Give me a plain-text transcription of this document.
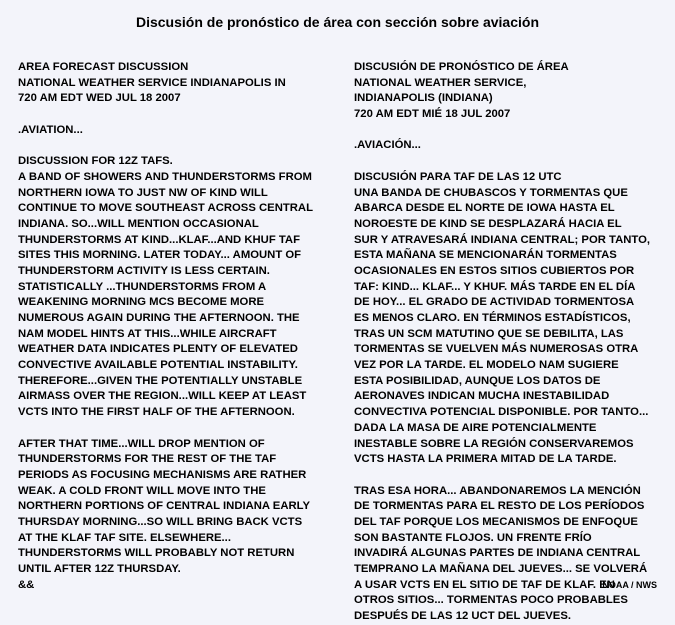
Discusión de pronóstico de área con sección sobre aviación
AREA FORECAST DISCUSSION
NATIONAL WEATHER SERVICE INDIANAPOLIS IN
720 AM EDT WED JUL 18 2007
.AVIATION...
DISCUSSION FOR 12Z TAFS.
A BAND OF SHOWERS AND THUNDERSTORMS FROM
NORTHERN IOWA TO JUST NW OF KIND WILL
CONTINUE TO MOVE SOUTHEAST ACROSS CENTRAL
INDIANA. SO...WILL MENTION OCCASIONAL
THUNDERSTORMS AT KIND...KLAF...AND KHUF TAF
SITES THIS MORNING. LATER TODAY... AMOUNT OF
THUNDERSTORM ACTIVITY IS LESS CERTAIN.
STATISTICALLY ...THUNDERSTORMS FROM A
WEAKENING MORNING MCS BECOME MORE
NUMEROUS AGAIN DURING THE AFTERNOON. THE
NAM MODEL HINTS AT THIS...WHILE AIRCRAFT
WEATHER DATA INDICATES PLENTY OF ELEVATED
CONVECTIVE AVAILABLE POTENTIAL INSTABILITY.
THEREFORE...GIVEN THE POTENTIALLY UNSTABLE
AIRMASS OVER THE REGION...WILL KEEP AT LEAST
VCTS INTO THE FIRST HALF OF THE AFTERNOON.
AFTER THAT TIME...WILL DROP MENTION OF
THUNDERSTORMS FOR THE REST OF THE TAF
PERIODS AS FOCUSING MECHANISMS ARE RATHER
WEAK. A COLD FRONT WILL MOVE INTO THE
NORTHERN PORTIONS OF CENTRAL INDIANA EARLY
THURSDAY MORNING...SO WILL BRING BACK VCTS
AT THE KLAF TAF SITE. ELSEWHERE...
THUNDERSTORMS WILL PROBABLY NOT RETURN
UNTIL AFTER 12Z THURSDAY.
&&
DISCUSIÓN DE PRONÓSTICO DE ÁREA
NATIONAL WEATHER SERVICE,
INDIANAPOLIS (INDIANA)
720 AM EDT MIÉ 18 JUL 2007
.AVIACIÓN...
DISCUSIÓN PARA TAF DE LAS 12 UTC
UNA BANDA DE CHUBASCOS Y TORMENTAS QUE
ABARCA DESDE EL NORTE DE IOWA HASTA EL
NOROESTE DE KIND SE DESPLAZARÁ HACIA EL
SUR Y ATRAVESARÁ INDIANA CENTRAL; POR TANTO,
ESTA MAÑANA SE MENCIONARÁN TORMENTAS
OCASIONALES EN ESTOS SITIOS CUBIERTOS POR
TAF: KIND... KLAF... Y KHUF. MÁS TARDE EN EL DÍA
DE HOY... EL GRADO DE ACTIVIDAD TORMENTOSA
ES MENOS CLARO. EN TÉRMINOS ESTADÍSTICOS,
TRAS UN SCM MATUTINO QUE SE DEBILITA, LAS
TORMENTAS SE VUELVEN MÁS NUMEROSAS OTRA
VEZ POR LA TARDE. EL MODELO NAM SUGIERE
ESTA POSIBILIDAD, AUNQUE LOS DATOS DE
AERONAVES INDICAN MUCHA INESTABILIDAD
CONVECTIVA POTENCIAL DISPONIBLE. POR TANTO...
DADA LA MASA DE AIRE POTENCIALMENTE
INESTABLE SOBRE LA REGIÓN CONSERVAREMOS
VCTS HASTA LA PRIMERA MITAD DE LA TARDE.
TRAS ESA HORA... ABANDONAREMOS LA MENCIÓN
DE TORMENTAS PARA EL RESTO DE LOS PERÍODOS
DEL TAF PORQUE LOS MECANISMOS DE ENFOQUE
SON BASTANTE FLOJOS. UN FRENTE FRÍO
INVADIRÁ ALGUNAS PARTES DE INDIANA CENTRAL
TEMPRANO LA MAÑANA DEL JUEVES... SE VOLVERÁ
A USAR VCTS EN EL SITIO DE TAF DE KLAF. EN
OTROS SITIOS... TORMENTAS POCO PROBABLES
DESPUÉS DE LAS 12 UCT DEL JUEVES.
NOAA / NWS
